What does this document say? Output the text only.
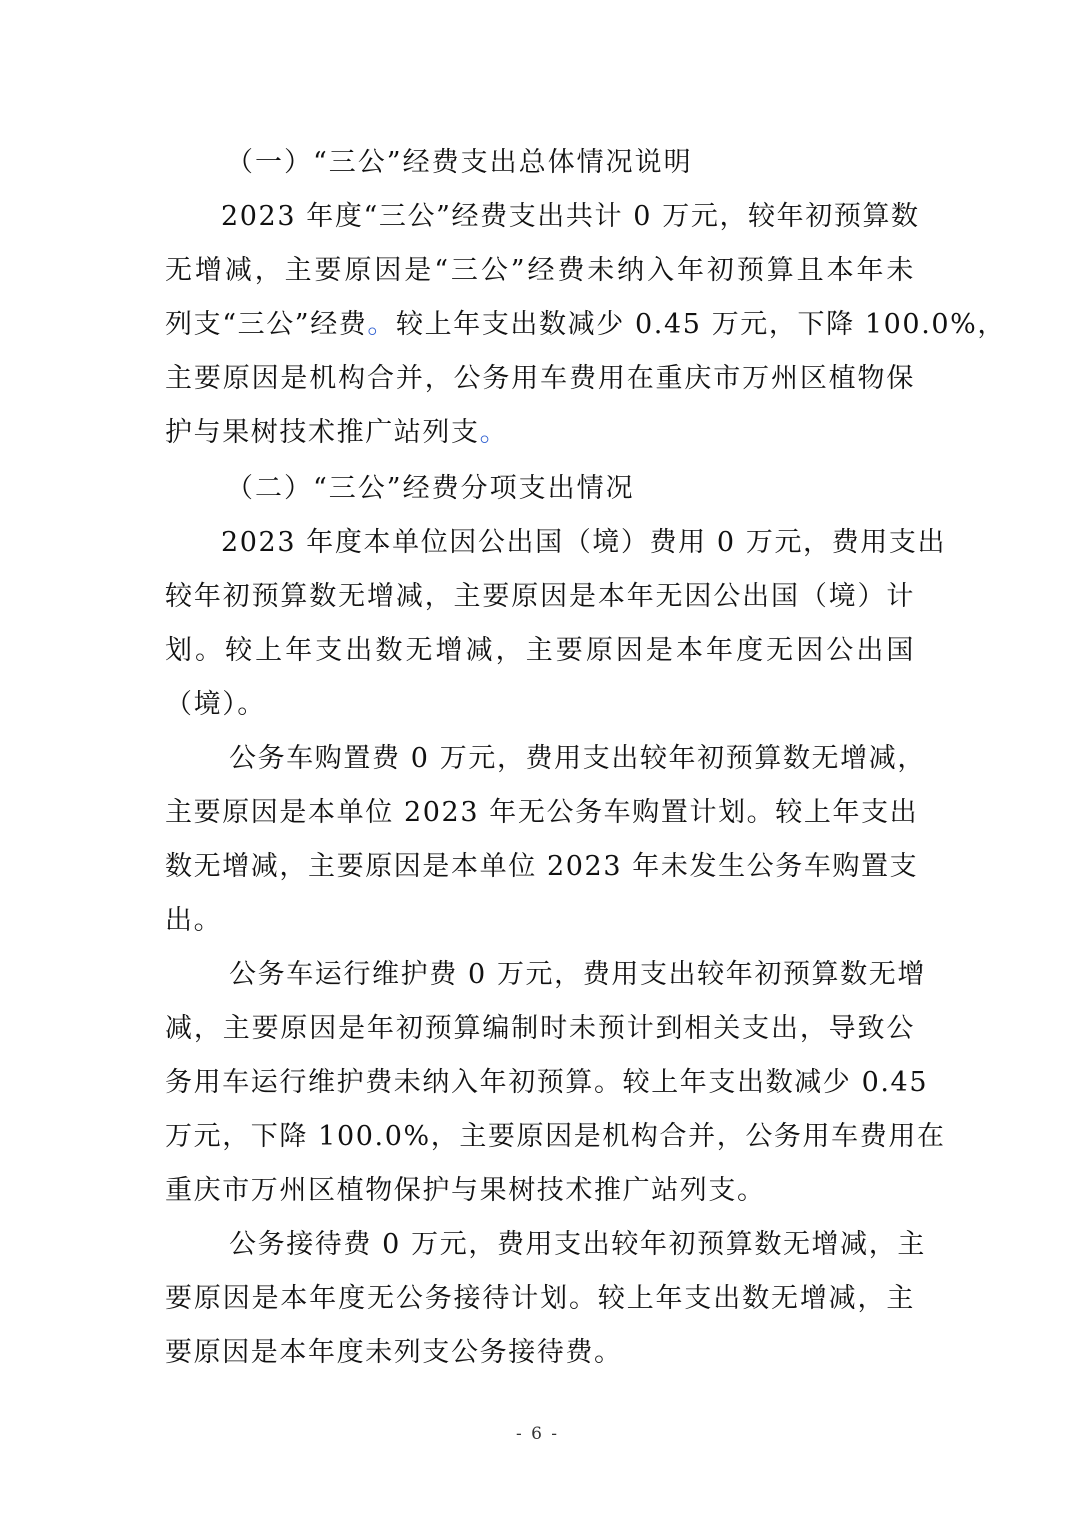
（一）“三公”经费支出总体情况说明

2023 年度“三公”经费支出共计 0 万元，较年初预算数
无增减，主要原因是“三公”经费未纳入年初预算且本年未
列支“三公”经费。较上年支出数减少 0.45 万元，下降 100.0%，
主要原因是机构合并，公务用车费用在重庆市万州区植物保
护与果树技术推广站列支。

（二）“三公”经费分项支出情况

2023 年度本单位因公出国（境）费用 0 万元，费用支出
较年初预算数无增减，主要原因是本年无因公出国（境）计
划。较上年支出数无增减，主要原因是本年度无因公出国
（境）。
公务车购置费 0 万元，费用支出较年初预算数无增减，
主要原因是本单位 2023 年无公务车购置计划。较上年支出
数无增减，主要原因是本单位 2023 年未发生公务车购置支
出。
公务车运行维护费 0 万元，费用支出较年初预算数无增
减，主要原因是年初预算编制时未预计到相关支出，导致公
务用车运行维护费未纳入年初预算。较上年支出数减少 0.45
万元，下降 100.0%，主要原因是机构合并，公务用车费用在
重庆市万州区植物保护与果树技术推广站列支。
公务接待费 0 万元，费用支出较年初预算数无增减，主
要原因是本年度无公务接待计划。较上年支出数无增减，主
要原因是本年度未列支公务接待费。
- 6 -
